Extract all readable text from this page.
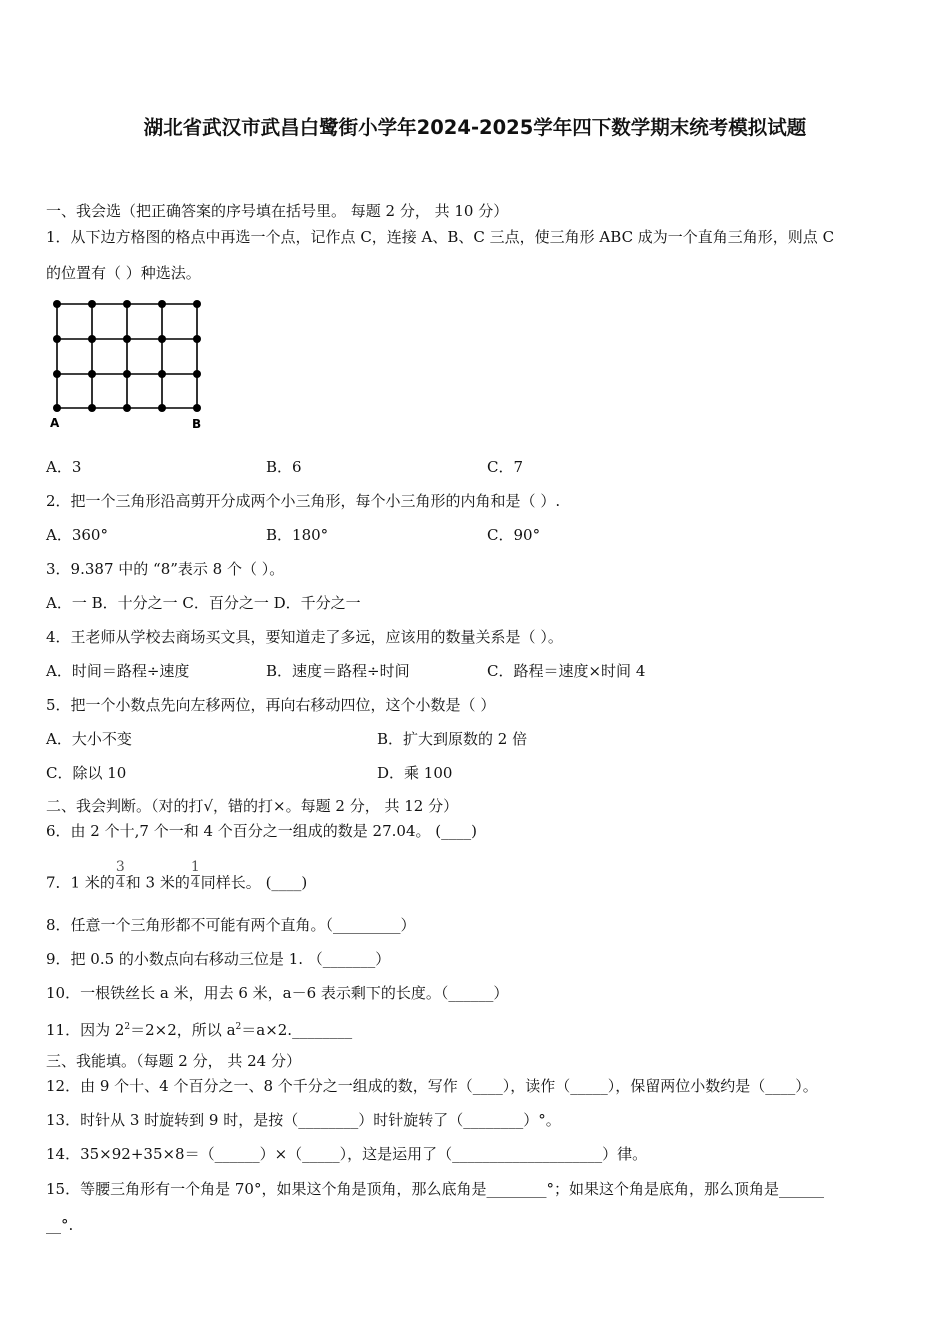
湖北省武汉市武昌白鹭街小学年2024-2025学年四下数学期末统考模拟试题
一、我会选（把正确答案的序号填在括号里。 每题 2 分， 共 10 分）
1．从下边方格图的格点中再选一个点，记作点 C，连接 A、B、C 三点，使三角形 ABC 成为一个直角三角形，则点 C
的位置有（ ）种选法。
A	B
A．3	B．6	C．7
2．把一个三角形沿高剪开分成两个小三角形，每个小三角形的内角和是（ ）.
A．360°	B．180°	C．90°
3．9.387 中的 “8”表示 8 个（ ）。
A．一 B．十分之一 C．百分之一 D．千分之一
4．王老师从学校去商场买文具，要知道走了多远，应该用的数量关系是（ ）。
A．时间＝路程÷速度	B．速度＝路程÷时间	C．路程＝速度×时间 4
5．把一个小数点先向左移两位，再向右移动四位，这个小数是（ ）
A．大小不变	B．扩大到原数的 2 倍
C．除以 10	D．乘 100
二、我会判断。（对的打√，错的打×。每题 2 分， 共 12 分）
6．由 2 个十,7 个一和 4 个百分之一组成的数是 27.04。 (____)
7．1 米的 $\frac{3}{4}$ 和 3 米的 $\frac{1}{4}$ 同样长。 (____)
8．任意一个三角形都不可能有两个直角。（_________）
9．把 0.5 的小数点向右移动三位是 1. （_______）
10．一根铁丝长 a 米，用去 6 米，a－6 表示剩下的长度。（______）
11．因为 $2^2=2\times 2$，所以 $a^2=a\times 2.\_\_\_\_\_\_\_\_$
三、我能填。（每题 2 分， 共 24 分）
12．由 9 个十、4 个百分之一、8 个千分之一组成的数，写作（____），读作（_____），保留两位小数约是（____）。
13．时针从 3 时旋转到 9 时，是按（________）时针旋转了（________）°。
14．35×92+35×8＝（______）×（_____），这是运用了（____________________）律。
15．等腰三角形有一个角是 70°，如果这个角是顶角，那么底角是________°；如果这个角是底角，那么顶角是______
__°.
